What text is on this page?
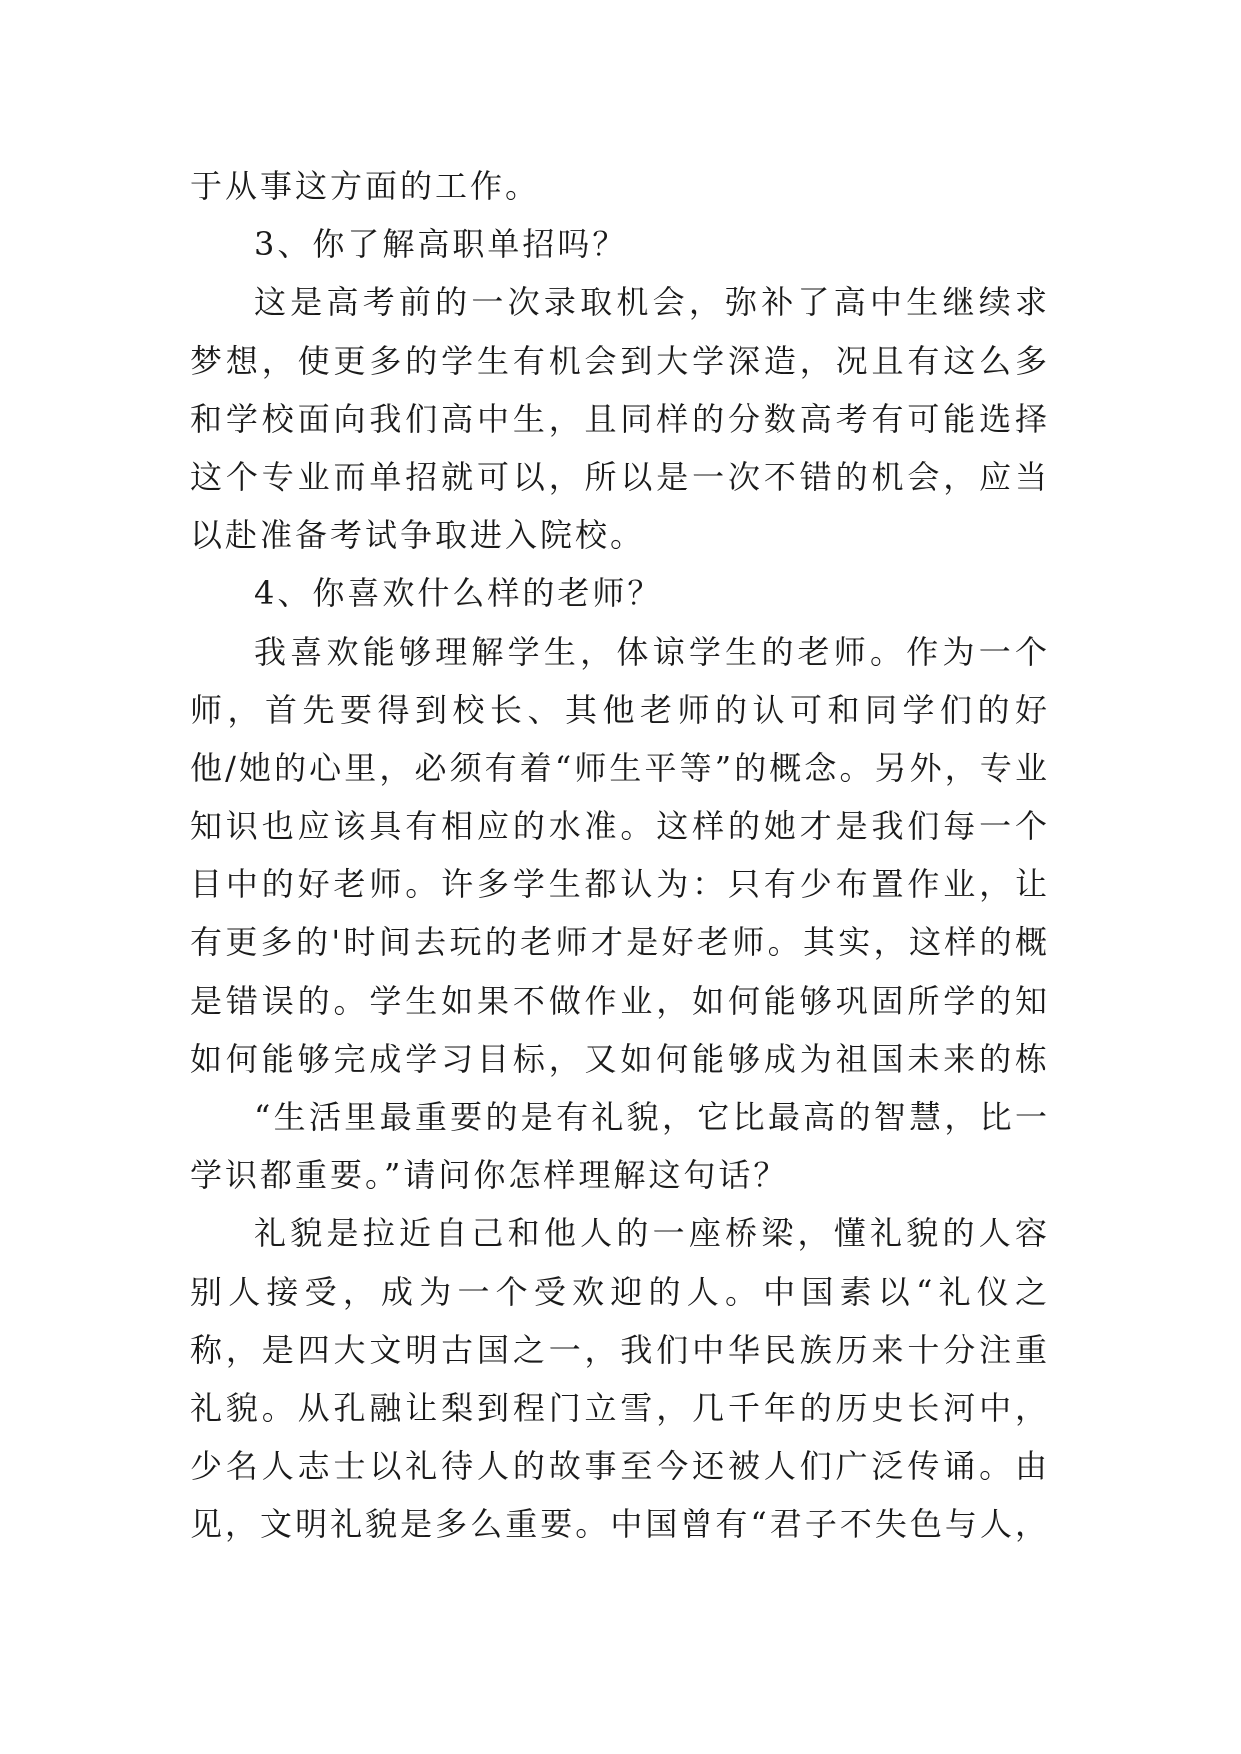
于从事这方面的工作。
3、你了解高职单招吗？
这是高考前的一次录取机会，弥补了高中生继续求
梦想，使更多的学生有机会到大学深造，况且有这么多
和学校面向我们高中生，且同样的分数高考有可能选择
这个专业而单招就可以，所以是一次不错的机会，应当
以赴准备考试争取进入院校。
4、你喜欢什么样的老师？
我喜欢能够理解学生，体谅学生的老师。作为一个
师，首先要得到校长、其他老师的认可和同学们的好
他/她的心里，必须有着“师生平等”的概念。另外，专业
知识也应该具有相应的水准。这样的她才是我们每一个
目中的好老师。许多学生都认为：只有少布置作业，让
有更多的'时间去玩的老师才是好老师。其实，这样的概
是错误的。学生如果不做作业，如何能够巩固所学的知
如何能够完成学习目标，又如何能够成为祖国未来的栋
“生活里最重要的是有礼貌，它比最高的智慧，比一
学识都重要。”请问你怎样理解这句话？
礼貌是拉近自己和他人的一座桥梁，懂礼貌的人容
别人接受，成为一个受欢迎的人。中国素以“礼仪之
称，是四大文明古国之一，我们中华民族历来十分注重
礼貌。从孔融让梨到程门立雪，几千年的历史长河中，
少名人志士以礼待人的故事至今还被人们广泛传诵。由
见，文明礼貌是多么重要。中国曾有“君子不失色与人，
